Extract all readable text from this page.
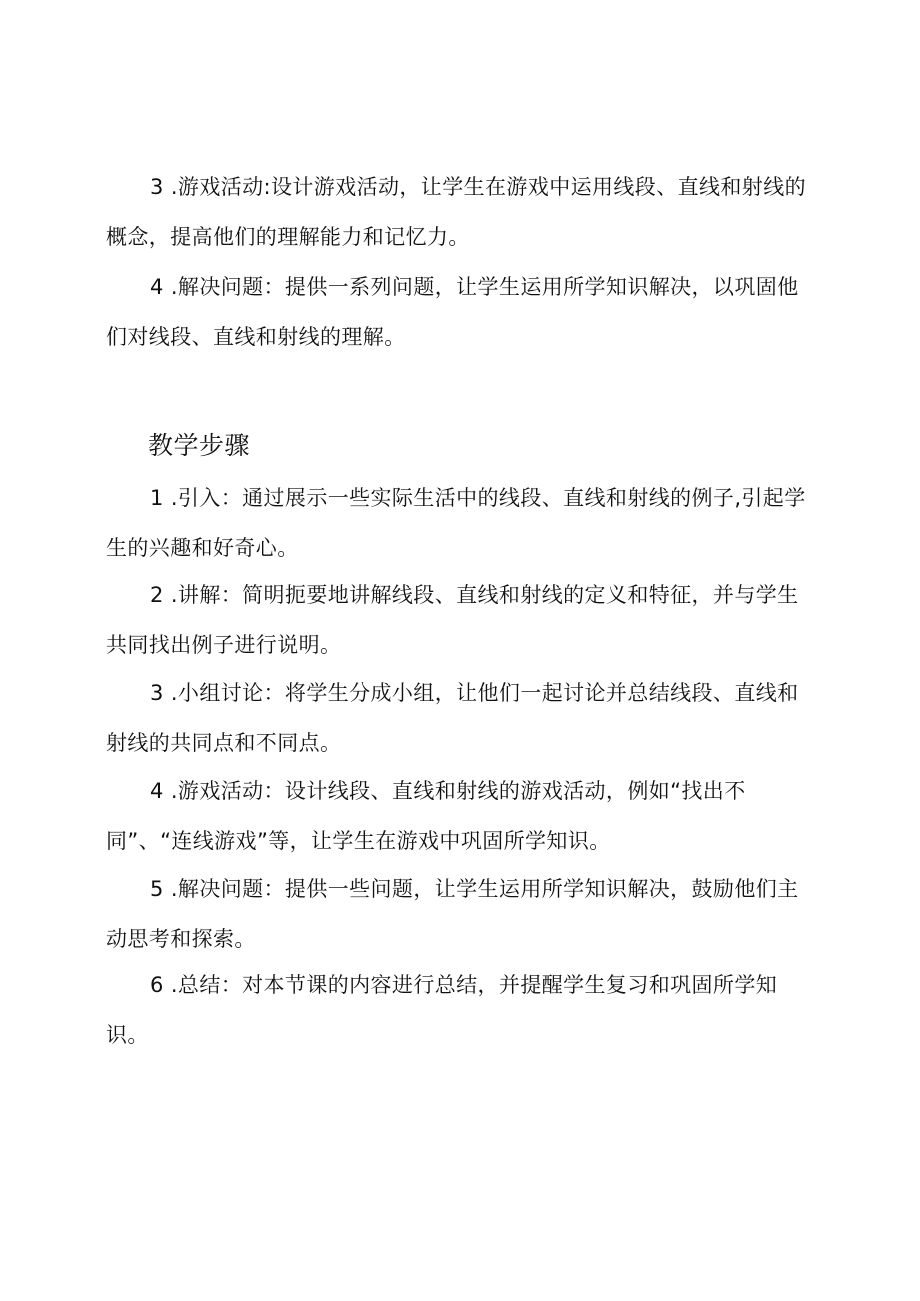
3 .游戏活动:设计游戏活动，让学生在游戏中运用线段、直线和射线的概念，提高他们的理解能力和记忆力。

4 .解决问题：提供一系列问题，让学生运用所学知识解决，以巩固他们对线段、直线和射线的理解。

教学步骤

1 .引入：通过展示一些实际生活中的线段、直线和射线的例子,引起学生的兴趣和好奇心。

2 .讲解：简明扼要地讲解线段、直线和射线的定义和特征，并与学生共同找出例子进行说明。

3 .小组讨论：将学生分成小组，让他们一起讨论并总结线段、直线和射线的共同点和不同点。

4 .游戏活动：设计线段、直线和射线的游戏活动，例如“找出不同”、“连线游戏”等，让学生在游戏中巩固所学知识。

5 .解决问题：提供一些问题，让学生运用所学知识解决，鼓励他们主动思考和探索。

6 .总结：对本节课的内容进行总结，并提醒学生复习和巩固所学知识。
